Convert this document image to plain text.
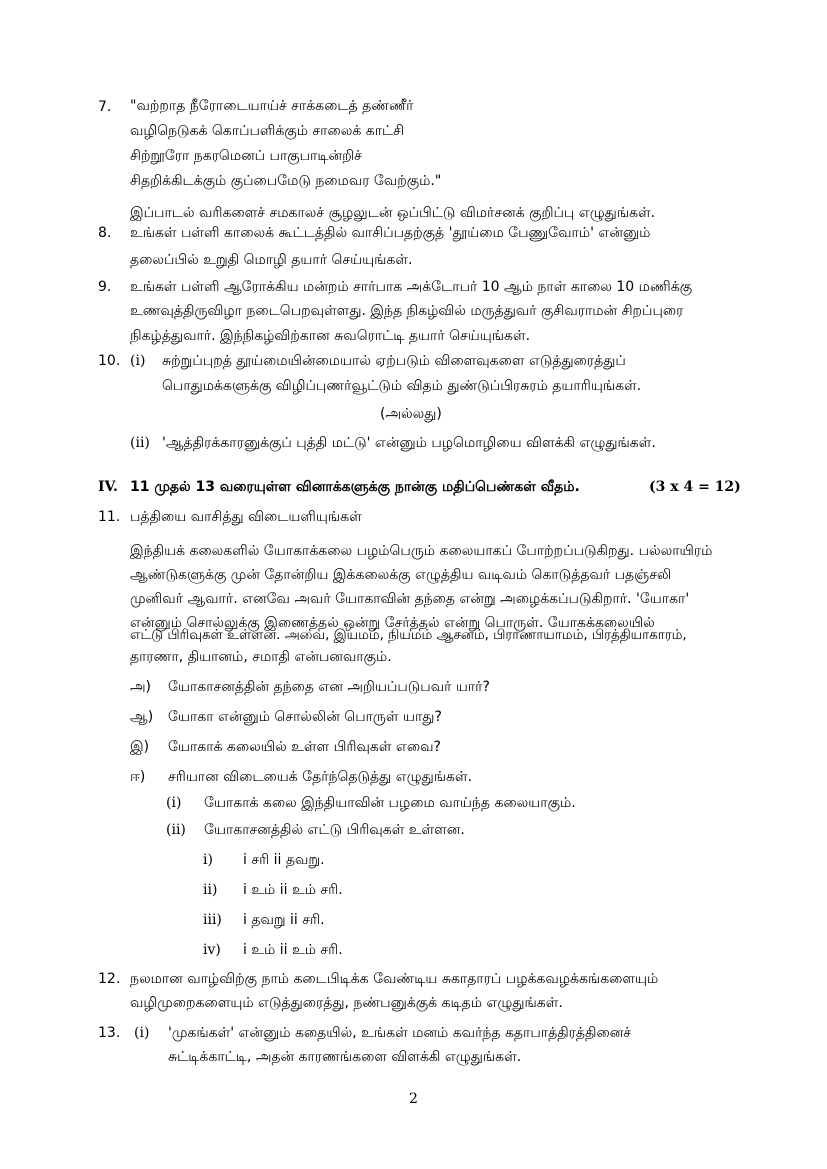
7. "வற்றாத நீரோடையாய்ச் சாக்கடைத் தண்ணீர்
வழிநெடுகக் கொப்பளிக்கும் சாலைக் காட்சி
சிற்றூரோ நகரமெனப் பாகுபாடின்றிச்
சிதறிக்கிடக்கும் குப்பைமேடு நமைவர வேற்கும்."
இப்பாடல் வரிகளைச் சமகாலச் சூழலுடன் ஒப்பிட்டு விமர்சனக் குறிப்பு எழுதுங்கள்.
8. உங்கள் பள்ளி காலைக் கூட்டத்தில் வாசிப்பதற்குத் 'தூய்மை பேணுவோம்' என்னும்
தலைப்பில் உறுதி மொழி தயார் செய்யுங்கள்.
9. உங்கள் பள்ளி ஆரோக்கிய மன்றம் சார்பாக அக்டோபர் 10 ஆம் நாள் காலை 10 மணிக்கு
உணவுத்திருவிழா நடைபெறவுள்ளது. இந்த நிகழ்வில் மருத்துவர் குசிவராமன் சிறப்புரை
நிகழ்த்துவார். இந்நிகழ்விற்கான சுவரொட்டி தயார் செய்யுங்கள்.
10. (i) சுற்றுப்புறத் தூய்மையின்மையால் ஏற்படும் விளைவுகளை எடுத்துரைத்துப்
பொதுமக்களுக்கு விழிப்புணர்வூட்டும் விதம் துண்டுப்பிரசுரம் தயாரியுங்கள்.
(அல்லது)
(ii) 'ஆத்திரக்காரனுக்குப் புத்தி மட்டு' என்னும் பழமொழியை விளக்கி எழுதுங்கள்.
IV. 11 முதல் 13 வரையுள்ள வினாக்களுக்கு நான்கு மதிப்பெண்கள் வீதம்.	(3 x 4 = 12)
11. பத்தியை வாசித்து விடையளியுங்கள்
இந்தியக் கலைகளில் யோகாக்கலை பழம்பெரும் கலையாகப் போற்றப்படுகிறது. பல்லாயிரம்
ஆண்டுகளுக்கு முன் தோன்றிய இக்கலைக்கு எழுத்திய வடிவம் கொடுத்தவர் பதஞ்சலி
முனிவர் ஆவார். எனவே அவர் யோகாவின் தந்தை என்று அழைக்கப்படுகிறார். 'யோகா'
என்னும் சொல்லுக்கு இணைத்தல் ஒன்று சேர்த்தல் என்று பொருள். யோகக்கலையில்
எட்டு பிரிவுகள் உள்ளன. அவை, இயமம், நியமம் ஆசனம், பிராணாயாமம், பிரத்தியாகாரம்,
தாரணா, தியானம், சமாதி என்பனவாகும்.
அ) யோகாசனத்தின் தந்தை என அறியப்படுபவர் யார்?
ஆ) யோகா என்னும் சொல்லின் பொருள் யாது?
இ) யோகாக் கலையில் உள்ள பிரிவுகள் எவை?
ஈ) சரியான விடையைக் தேர்ந்தெடுத்து எழுதுங்கள்.
(i) யோகாக் கலை இந்தியாவின் பழமை வாய்ந்த கலையாகும்.
(ii) யோகாசனத்தில் எட்டு பிரிவுகள் உள்ளன.
i) i சரி ii தவறு.
ii) i உம் ii உம் சரி.
iii) i தவறு ii சரி.
iv) i உம் ii உம் சரி.
12. நலமான வாழ்விற்கு நாம் கடைபிடிக்க வேண்டிய சுகாதாரப் பழக்கவழக்கங்களையும்
வழிமுறைகளையும் எடுத்துரைத்து, நண்பனுக்குக் கடிதம் எழுதுங்கள்.
13. (i) 'முகங்கள்' என்னும் கதையில், உங்கள் மனம் கவர்ந்த கதாபாத்திரத்தினைச்
சுட்டிக்காட்டி, அதன் காரணங்களை விளக்கி எழுதுங்கள்.
2
